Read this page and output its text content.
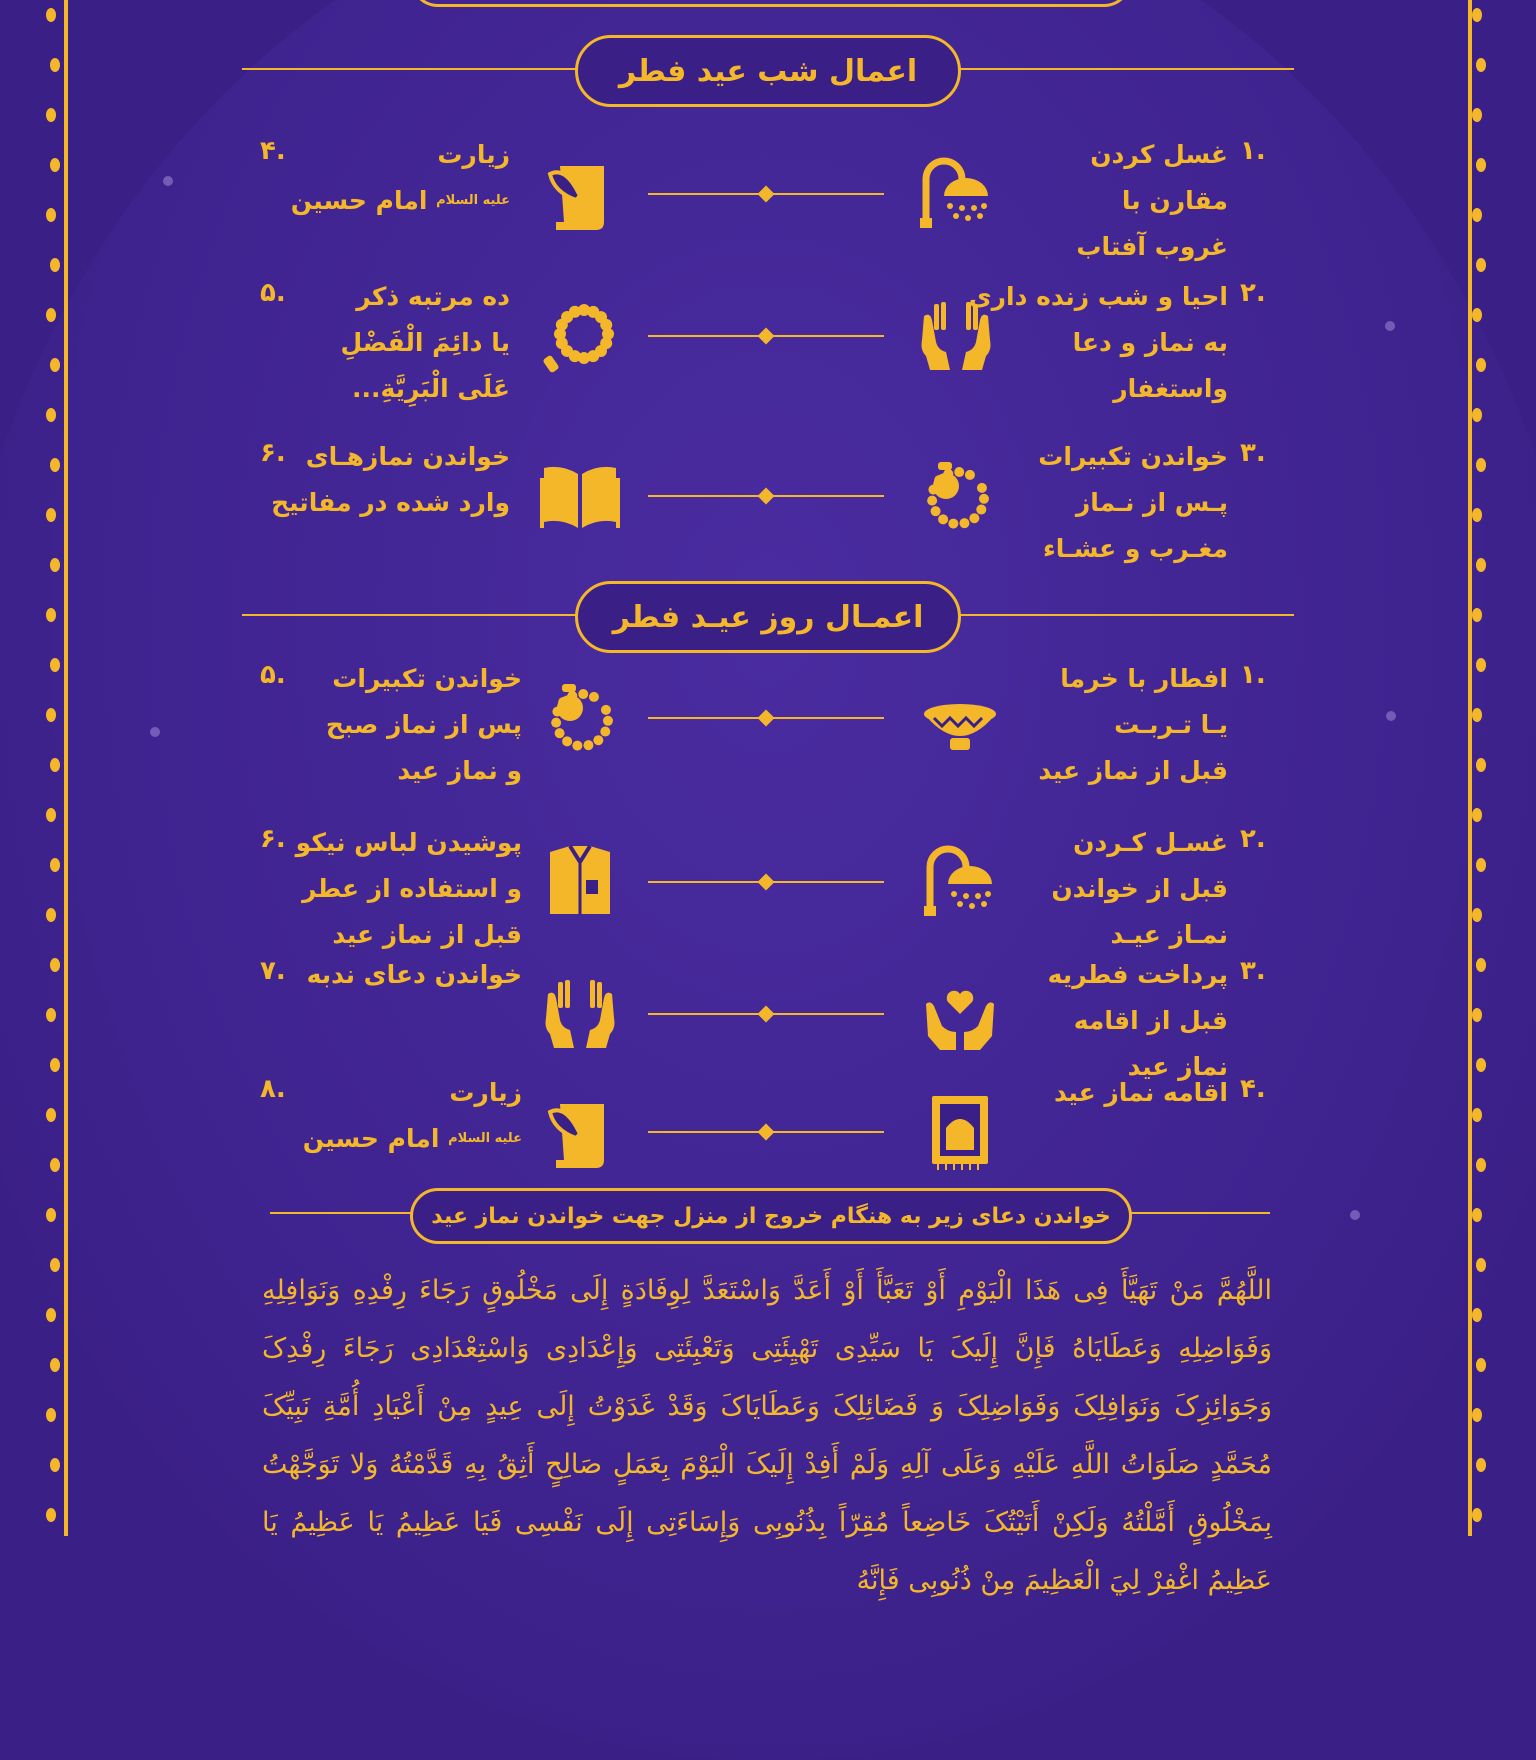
اعمال شب عید فطر
اعمـال روز عیـد فطر
۱.
غسل کردن
مقارن با
غروب آفتاب
۲.
احیا و شب زنده داری
به نماز و دعا
واستغفار
۳.
خواندن تکبیرات
پـس از نـماز
مغـرب و عشـاء
۴.	زیارت
$^{علیه السلام}$ امام حسین
۵.	ده مرتبه ذکر
یا دائِمَ الْفَضْلِ
عَلَی الْبَرِیَّةِ...
۶.	خواندن نمازهـای
وارد شده در مفاتیح
۱.
افطار با خرما
یـا تـربـت
قبل از نماز عید
۲.
غسـل کـردن
قبل از خواندن
نمـاز عیـد
۳.
پرداخت فطریه
قبل از اقامه
نماز عید
۴.
اقامه نماز عید
۵.	خواندن تکبیرات
پس از نماز صبح
و نماز عید
۶.	پوشیدن لباس نیکو
و استفاده از عطر
قبل از نماز عید
۷. خواندن دعای ندبه
۸.	زیارت
$^{علیه السلام}$ امام حسین
خواندن دعای زیر به هنگام خروج از منزل جهت خواندن نماز عید
اللَّهُمَّ مَنْ تَهَيَّأَ فِی هَذَا الْيَوْمِ أَوْ تَعَبَّأَ أَوْ أَعَدَّ وَاسْتَعَدَّ لِوِفَادَةٍ إِلَى مَخْلُوقٍ رَجَاءَ رِفْدِهِ وَنَوَافِلِهِ وَفَوَاضِلِهِ وَعَطَايَاهُ فَإِنَّ إِلَيکَ يَا سَيِّدِی تَهْيِئَتِی وَتَعْبِئَتِی وَإِعْدَادِی وَاسْتِعْدَادِی رَجَاءَ رِفْدِکَ وَجَوَائِزِکَ وَنَوَافِلِکَ وَفَوَاضِلِکَ وَ فَضَائِلِکَ وَعَطَايَاکَ وَقَدْ غَدَوْتُ إِلَى عِيدٍ مِنْ أَعْيَادِ أُمَّةِ نَبِيِّکَ مُحَمَّدٍ صَلَوَاتُ اللَّهِ عَلَيْهِ وَعَلَى آلِهِ وَلَمْ أَفِدْ إِلَيکَ الْيَوْمَ بِعَمَلٍ صَالِحٍ أَثِقُ بِهِ قَدَّمْتُهُ وَلا تَوَجَّهْتُ بِمَخْلُوقٍ أَمَّلْتُهُ وَلَكِنْ أَتَيْتُکَ خَاضِعاً مُقِرّاً بِذُنُوبِی وَإِسَاءَتِی إِلَى نَفْسِی فَيَا عَظِيمُ يَا عَظِيمُ يَا عَظِيمُ اغْفِرْ لِيَ الْعَظِيمَ مِنْ ذُنُوبِی فَإِنَّهُ
